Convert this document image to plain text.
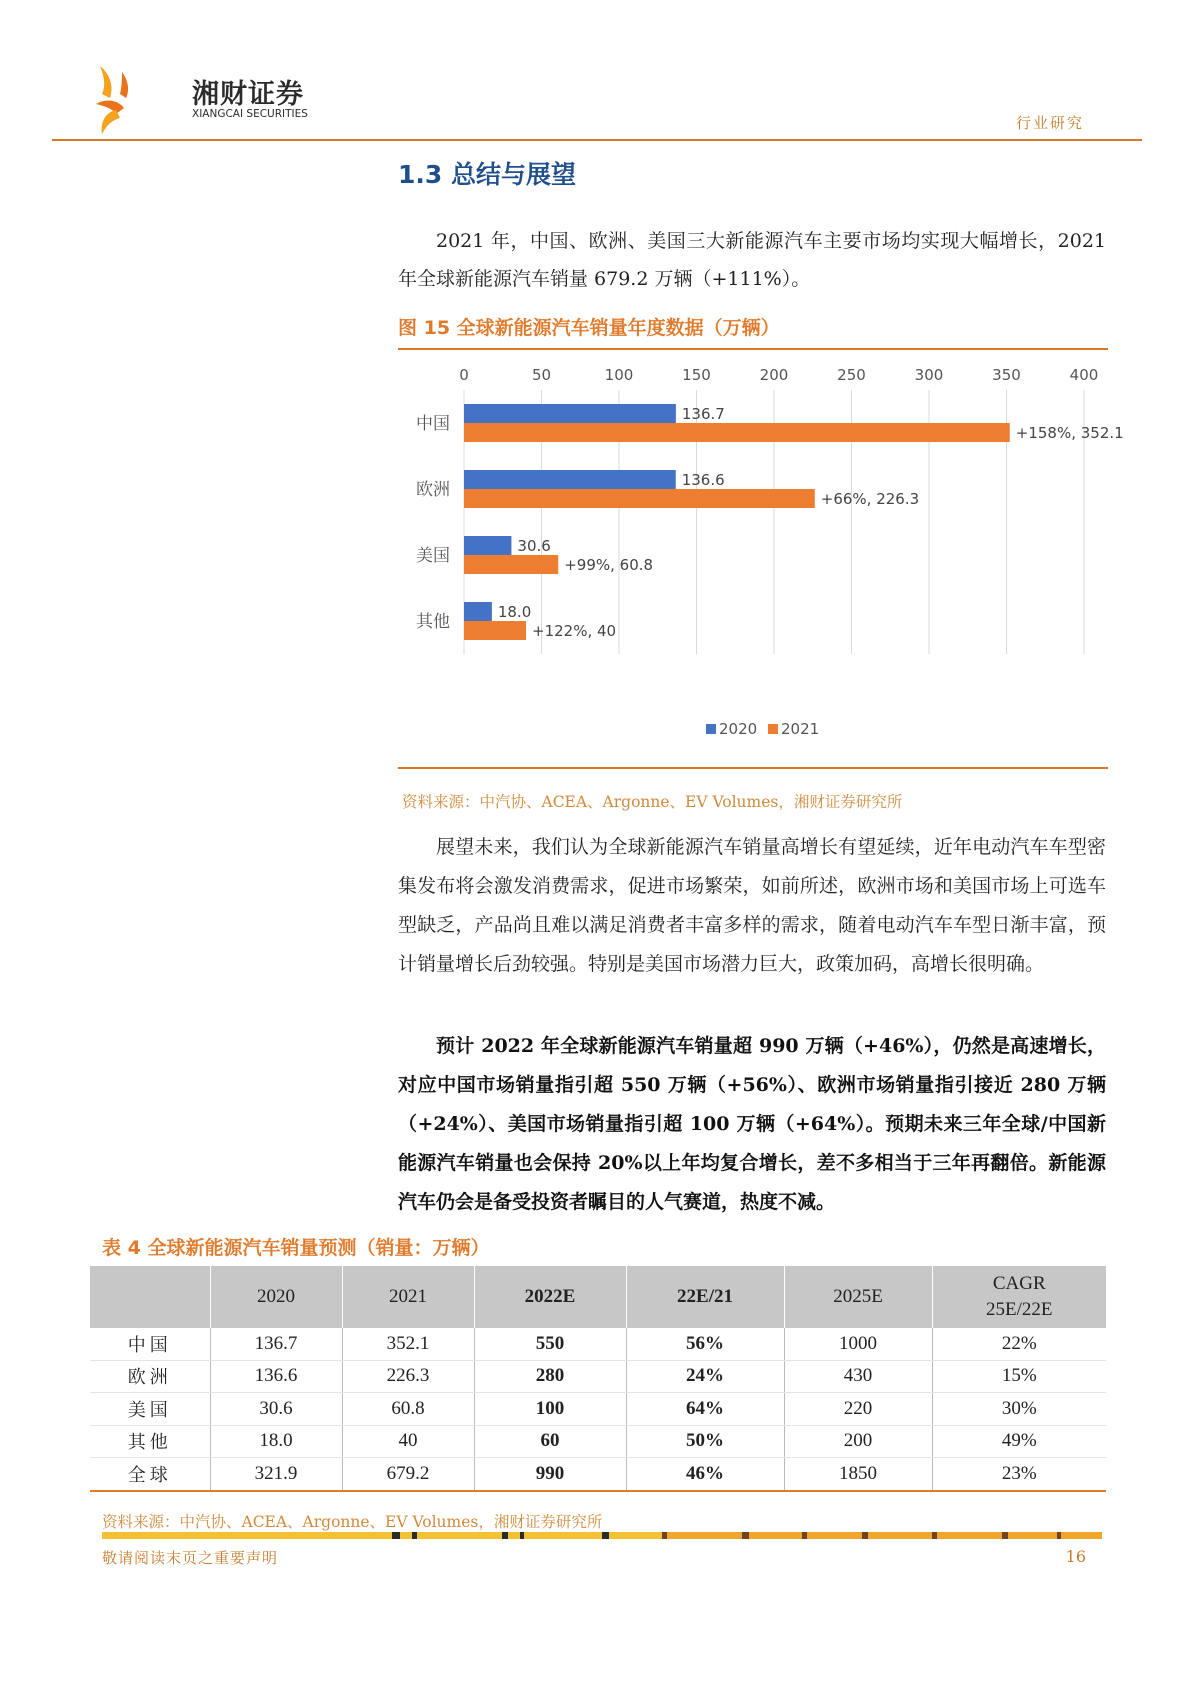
湘财证券
XIANGCAI SECURITIES	行业研究
1.3 总结与展望
2021 年，中国、欧洲、美国三大新能源汽车主要市场均实现大幅增长，2021 年全球新能源汽车销量 679.2 万辆（+111%）。
图 15 全球新能源汽车销量年度数据（万辆）
0	50	100	150	200	250	300	350	400
中国	136.7
+158%, 352.1
欧洲	136.6
+66%, 226.3
美国	30.6
+99%, 60.8
其他	18.0
+122%, 40
2020 2021
资料来源：中汽协、ACEA、Argonne、EV Volumes，湘财证券研究所
展望未来，我们认为全球新能源汽车销量高增长有望延续，近年电动汽车车型密集发布将会激发消费需求，促进市场繁荣，如前所述，欧洲市场和美国市场上可选车型缺乏，产品尚且难以满足消费者丰富多样的需求，随着电动汽车车型日渐丰富，预计销量增长后劲较强。特别是美国市场潜力巨大，政策加码，高增长很明确。
预计 2022 年全球新能源汽车销量超 990 万辆（+46%），仍然是高速增长，对应中国市场销量指引超 550 万辆（+56%）、欧洲市场销量指引接近 280 万辆（+24%）、美国市场销量指引超 100 万辆（+64%）。预期未来三年全球/中国新能源汽车销量也会保持 20%以上年均复合增长，差不多相当于三年再翻倍。新能源汽车仍会是备受投资者瞩目的人气赛道，热度不减。
表 4 全球新能源汽车销量预测（销量：万辆）
	2020	2021	2022E	22E/21	2025E	CAGR 25E/22E
中国	136.7	352.1	550	56%	1000	22%
欧洲	136.6	226.3	280	24%	430	15%
美国	30.6	60.8	100	64%	220	30%
其他	18.0	40	60	50%	200	49%
全球	321.9	679.2	990	46%	1850	23%
资料来源：中汽协、ACEA、Argonne、EV Volumes，湘财证券研究所
敬请阅读末页之重要声明	16
